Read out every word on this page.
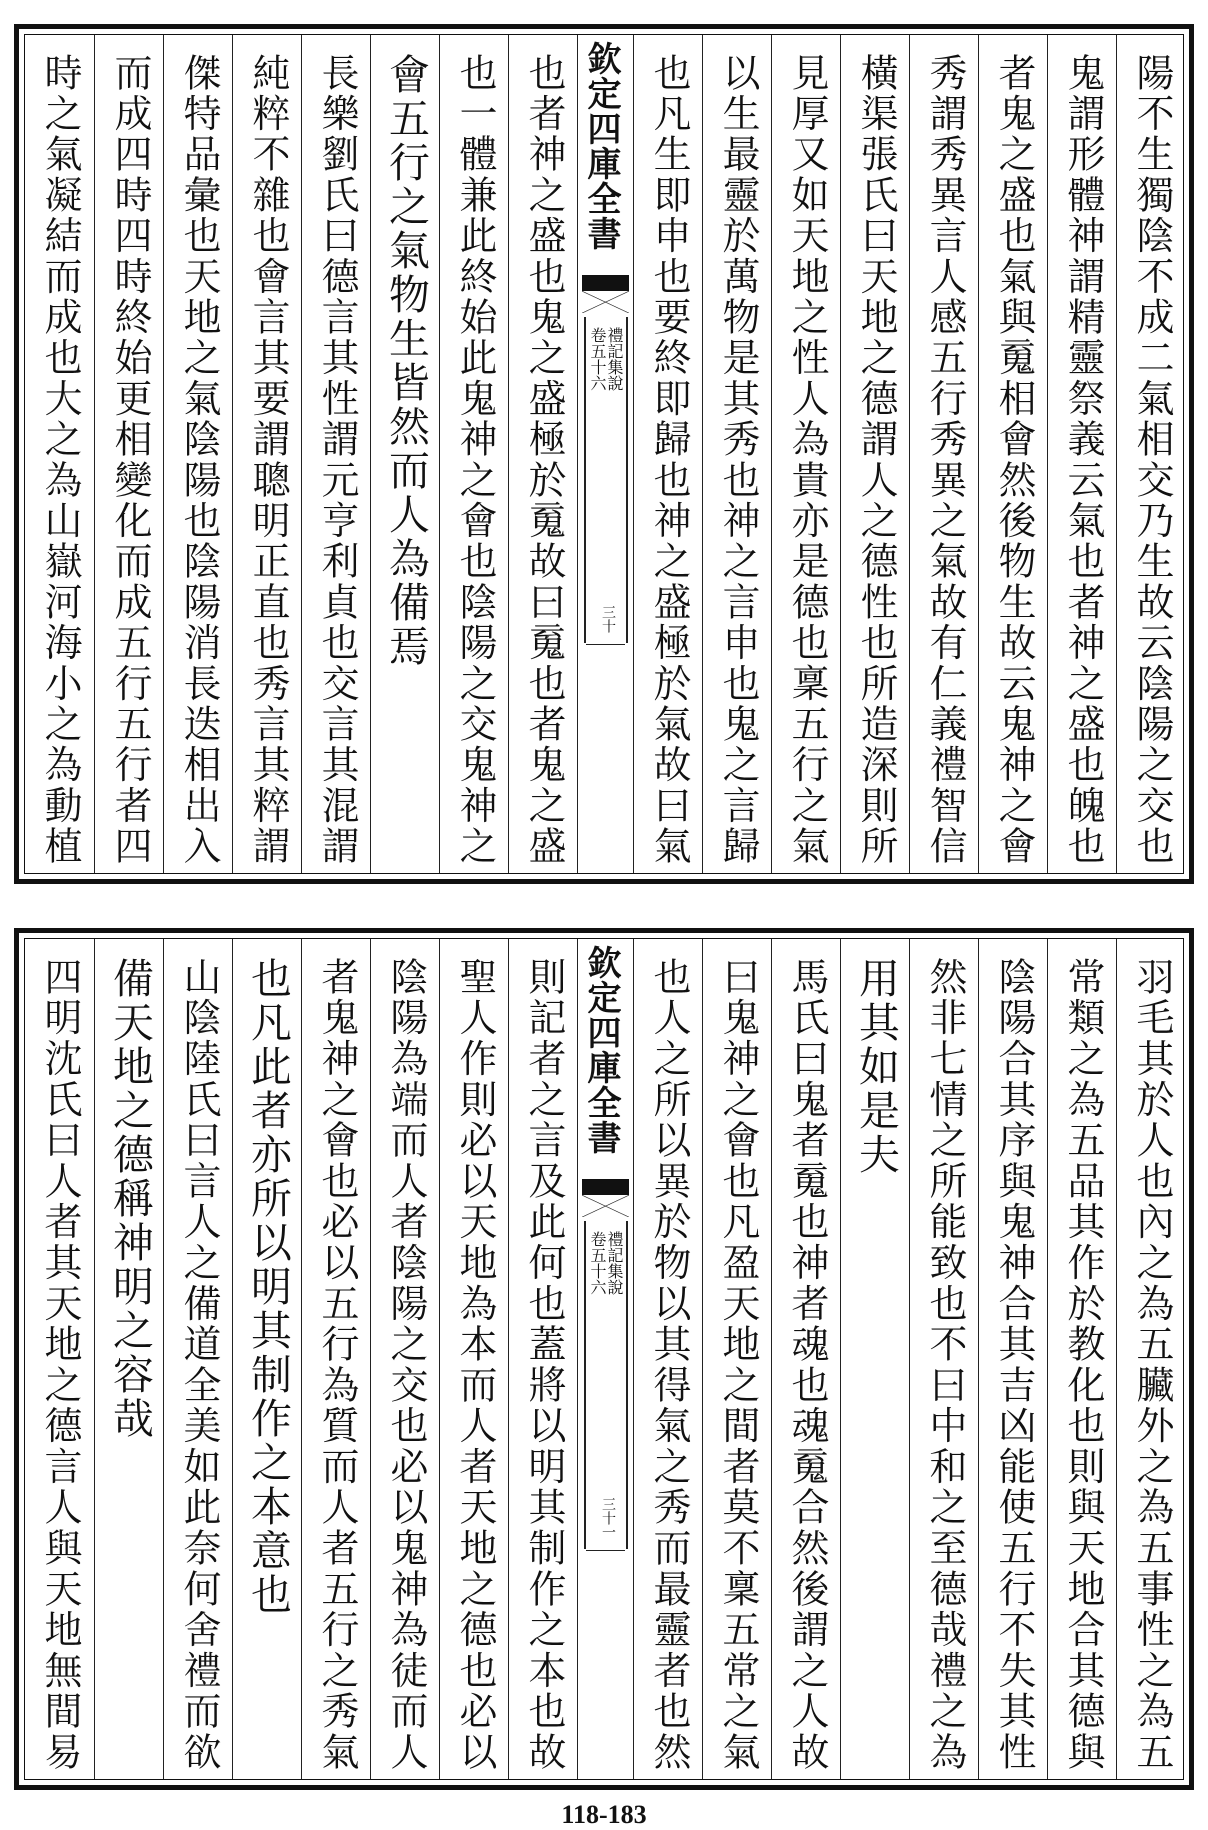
時之氣凝結而成也大之為山嶽河海小之為動植 而成四時四時終始更相變化而成五行五行者四 傑特品彙也天地之氣陰陽也陰陽消長迭相出入 純粹不雜也會言其要謂聰明正直也秀言其粹謂 長樂劉氏曰德言其性謂元亨利貞也交言其混謂 會五行之氣物生皆然而人為備焉 也一體兼此終始此鬼神之會也陰陽之交鬼神之 也者神之盛也鬼之盛極於䰟故曰䰟也者鬼之盛 欽定四庫全書
禮記集說
卷五十六
三十 也凡生即申也要終即歸也神之盛極於氣故曰氣 以生最靈於萬物是其秀也神之言申也鬼之言歸 見厚又如天地之性人為貴亦是德也稟五行之氣 橫渠張氏曰天地之德謂人之德性也所造深則所 秀謂秀異言人感五行秀異之氣故有仁義禮智信 者鬼之盛也氣與䰟相會然後物生故云鬼神之會 鬼謂形體神謂精靈祭義云氣也者神之盛也魄也 陽不生獨陰不成二氣相交乃生故云陰陽之交也
四明沈氏曰人者其天地之德言人與天地無間易 備天地之德稱神明之容哉 山陰陸氏曰言人之備道全美如此奈何舍禮而欲 也凡此者亦所以明其制作之本意也 者鬼神之會也必以五行為質而人者五行之秀氣 陰陽為端而人者陰陽之交也必以鬼神為徒而人 聖人作則必以天地為本而人者天地之德也必以 則記者之言及此何也蓋將以明其制作之本也故 欽定四庫全書
禮記集說
卷五十六
三十一 也人之所以異於物以其得氣之秀而最靈者也然 曰鬼神之會也凡盈天地之間者莫不稟五常之氣 馬氏曰鬼者䰟也神者魂也魂䰟合然後謂之人故 用其如是夫 然非七情之所能致也不曰中和之至德哉禮之為 陰陽合其序與鬼神合其吉凶能使五行不失其性 常類之為五品其作於教化也則與天地合其德與 羽毛其於人也內之為五臟外之為五事性之為五
118-183
